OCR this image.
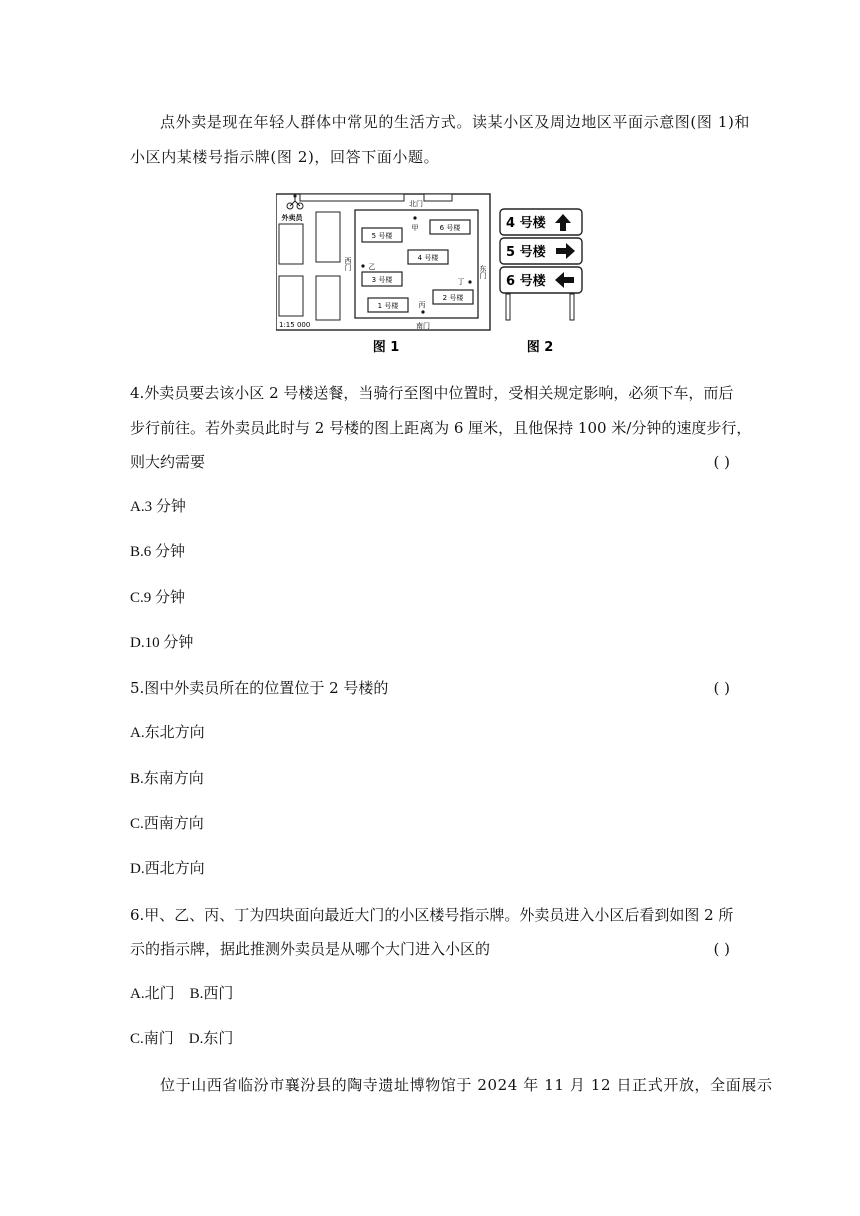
点外卖是现在年轻人群体中常见的生活方式。读某小区及周边地区平面示意图(图 1)和
小区内某楼号指示牌(图 2)，回答下面小题。
5 号楼
6 号楼
4 号楼
3 号楼
1 号楼
2 号楼
北门
南门
西门
东门
甲
乙
丙
丁
外卖员
1:15 000
4 号楼
5 号楼
6 号楼
图 1	图 2
4.外卖员要去该小区 2 号楼送餐，当骑行至图中位置时，受相关规定影响，必须下车，而后
步行前往。若外卖员此时与 2 号楼的图上距离为 6 厘米，且他保持 100 米/分钟的速度步行，
则大约需要	( )
A.3 分钟
B.6 分钟
C.9 分钟
D.10 分钟
5.图中外卖员所在的位置位于 2 号楼的	( )
A.东北方向
B.东南方向
C.西南方向
D.西北方向
6.甲、乙、丙、丁为四块面向最近大门的小区楼号指示牌。外卖员进入小区后看到如图 2 所
示的指示牌，据此推测外卖员是从哪个大门进入小区的	( )
A.北门    B.西门
C.南门    D.东门
位于山西省临汾市襄汾县的陶寺遗址博物馆于 2024 年 11 月 12 日正式开放，全面展示
